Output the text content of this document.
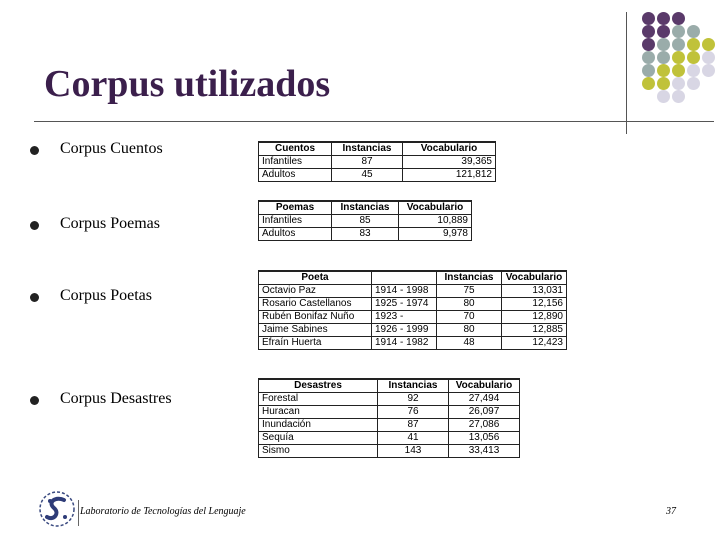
Corpus utilizados
Corpus Cuentos
Corpus Poemas
Corpus Poetas
Corpus Desastres
Cuentos	Instancias	Vocabulario
Infantiles	87	39,365
Adultos	45	121,812
Poemas	Instancias	Vocabulario
Infantiles	85	10,889
Adultos	83	9,978
Poeta		Instancias	Vocabulario
Octavio Paz	1914 - 1998	75	13,031
Rosario Castellanos	1925 - 1974	80	12,156
Rubén Bonifaz Nuño	1923 -	70	12,890
Jaime Sabines	1926 - 1999	80	12,885
Efraín Huerta	1914 - 1982	48	12,423
Desastres	Instancias	Vocabulario
Forestal	92	27,494
Huracan	76	26,097
Inundación	87	27,086
Sequía	41	13,056
Sismo	143	33,413
Laboratorio de Tecnologías del Lenguaje	37
